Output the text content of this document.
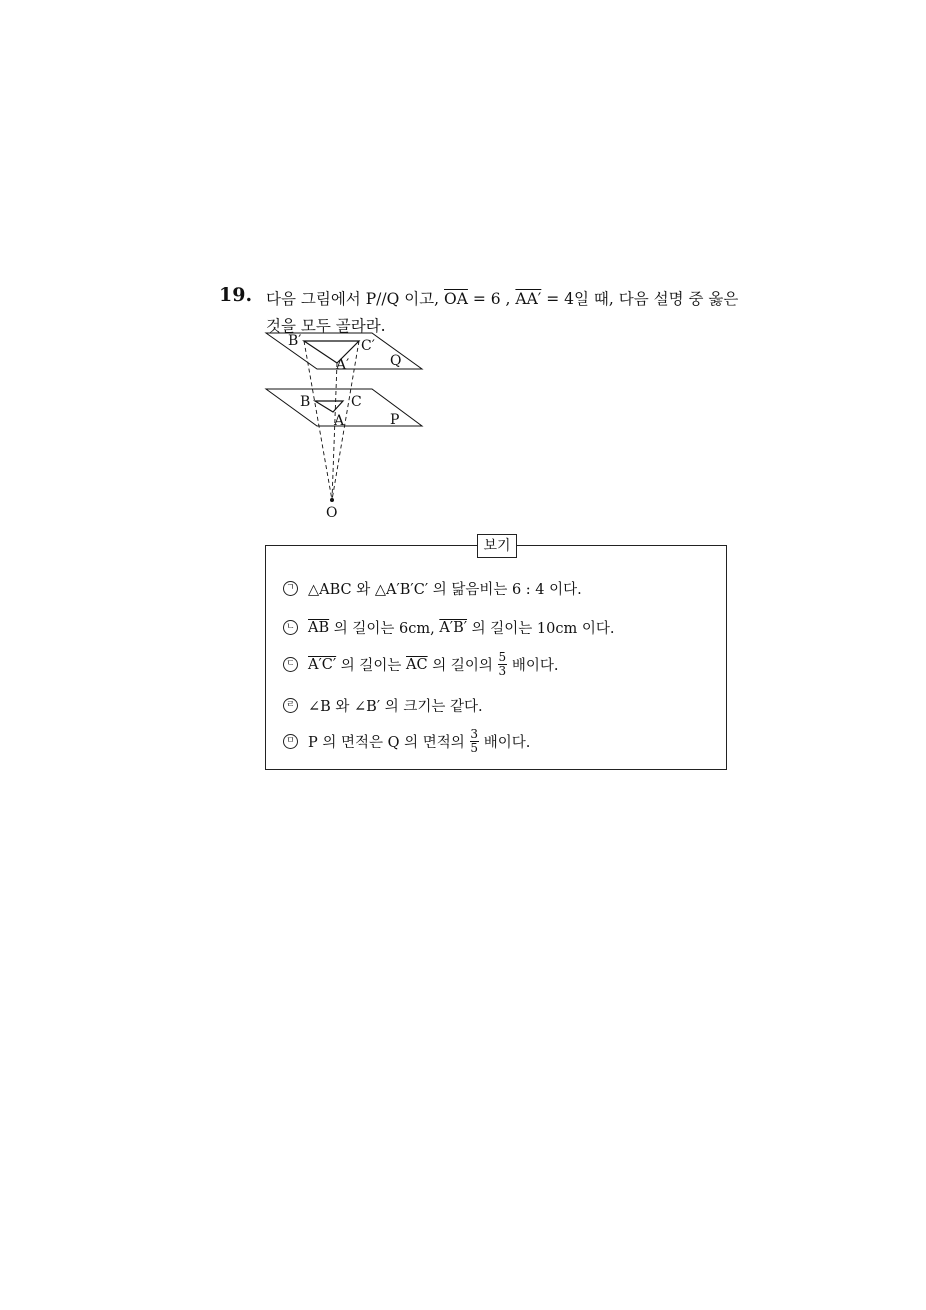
19. 다음 그림에서 P//Q 이고, $\overline{OA} = 6$ , AA′ = 4일 때, 다음 설명 중 옳은
것을 모두 골라라.
B′	C′
A′	Q
B	C
A	P
O
보기
ㄱ △ABC 와 △A′B′C′ 의 닮음비는 6 : 4 이다.
ㄴ $\overline{AB}$ 의 길이는 6cm, A′B′ 의 길이는 10cm 이다.
ㄷ A′C′ 의 길이는 $\overline{AC}$ 의 길이의 $\frac{5}{3}$ 배이다.
ㄹ ∠B 와 ∠B′ 의 크기는 같다.
ㅁ P 의 면적은 Q 의 면적의 $\frac{3}{5}$ 배이다.
